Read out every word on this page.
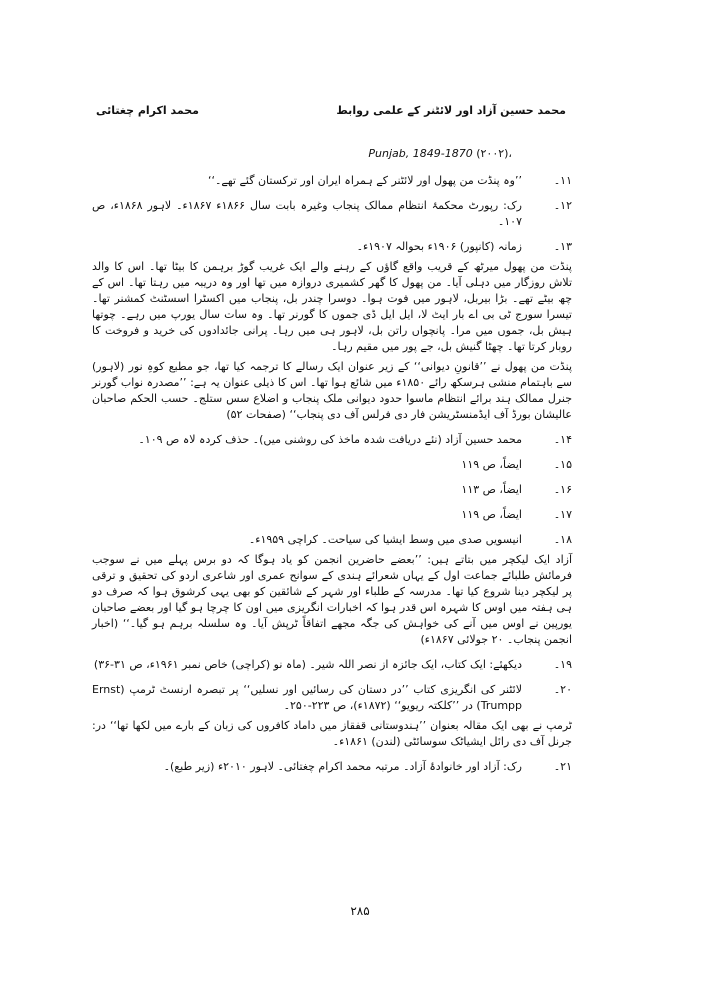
محمد اکرام چغتائی	محمد حسین آزاد اور لائٹنر کے علمی روابط
Punjab, 1849-1870 (۲۰۰۲)،
۱۱۔

’’وہ پنڈت من پھول اور لائٹنر کے ہمراہ ایران اور ترکستان گئے تھے۔‘‘

۱۲۔

رک: رپورٹ محکمۂ انتظام ممالک پنجاب وغیرہ بابت سال ۱۸۶۶ء ۱۸۶۷ء۔ لاہور ۱۸۶۸ء، ص ۱۰۷۔

۱۳۔

زمانہ (کانپور) ۱۹۰۶ء بحوالہ ۱۹۰۷ء۔

پنڈت من پھول میرٹھ کے قریب واقع گاؤں کے رہنے والے ایک غریب گوڑ برہمن کا بیٹا تھا۔ اس کا والد تلاش روزگار میں دہلی آیا۔ من پھول کا گھر کشمیری دروازہ میں تھا اور وہ دریبہ میں رہتا تھا۔ اس کے چھ بیٹے تھے۔ بڑا بیربل، لاہور میں فوت ہوا۔ دوسرا چندر بل، پنجاب میں اکسٹرا اسسٹنٹ کمشنر تھا۔ تیسرا سورج ٹی بی اے بار ایٹ لا، ایل ایل ڈی جموں کا گورنر تھا۔ وہ سات سال یورپ میں رہے۔ چوتھا ہیش بل، جموں میں مرا۔ پانچواں راتن بل، لاہور ہی میں رہا۔ پرانی جائدادوں کی خرید و فروخت کا روبار کرتا تھا۔ چھٹا گنیش بل، جے پور میں مقیم رہا۔

پنڈت من پھول نے ’’قانونِ دیوانی‘‘ کے زیر عنوان ایک رسالے کا ترجمہ کیا تھا، جو مطبع کوہِ نور (لاہور) سے باہتمام منشی ہرسکھ رائے ۱۸۵۰ء میں شائع ہوا تھا۔ اس کا ذیلی عنوان یہ ہے: ’’مصدرہ نواب گورنر جنرل ممالک ہند برائے انتظام ماسوا حدود دیوانی ملک پنجاب و اضلاع سس ستلج۔ حسب الحکم صاحبان عالیشان بورڈ آف ایڈمنسٹریشن فار دی فرلس آف دی پنجاب‘‘ (صفحات ۵۲)

۱۴۔

محمد حسین آزاد (نئے دریافت شدہ ماخذ کی روشنی میں)۔ حذف کردہ لاہ ص ۱۰۹۔

۱۵۔

ایضاً، ص ۱۱۹

۱۶۔

ایضاً، ص ۱۱۳

۱۷۔

ایضاً، ص ۱۱۹

۱۸۔

انیسویں صدی میں وسط ایشیا کی سیاحت۔ کراچی ۱۹۵۹ء۔

آزاد ایک لیکچر میں بتاتے ہیں: ’’بعضے حاضرین انجمن کو یاد ہوگا کہ دو برس پہلے میں نے سوجب فرمائش طلبائے جماعت اول کے یہاں شعرائے ہندی کے سوانح عمری اور شاعری اردو کی تحقیق و ترقی پر لیکچر دینا شروع کیا تھا۔ مدرسہ کے طلباء اور شہر کے شائقین کو بھی یہی کرشوق ہوا کہ صرف دو ہی ہفتہ میں اوس کا شہرہ اس قدر ہوا کہ اخبارات انگریزی میں اون کا چرچا ہو گیا اور بعضے صاحبان یورپین نے اوس میں آنے کی خواہش کی جگہ مجھے اتفاقاً ٹرپش آیا۔ وہ سلسلہ برہم ہو گیا۔‘‘ (اخبار انجمن پنجاب۔ ۲۰ جولائی ۱۸۶۷ء)

۱۹۔

دیکھئے: ایک کتاب، ایک جائزہ از نصر اللہ شیر۔ (ماہ نو (کراچی) خاص نمبر ۱۹۶۱ء، ص ۳۱-۳۶)

۲۰۔

لائٹنر کی انگریزی کتاب ’’در دستان کی رسائیں اور نسلیں‘‘ پر تبصرہ ارنسٹ ٹرمپ (Ernst Trumpp) در ’’کلکتہ ریویو‘‘ (۱۸۷۲ء)، ص ۲۲۳-۲۵۰۔

ٹرمپ نے بھی ایک مقالہ بعنوان ’’ہندوستانی قفقاز میں داماد کافروں کی زبان کے بارے میں لکھا تھا‘‘ در: جرنل آف دی رائل ایشیاٹک سوسائٹی (لندن) ۱۸۶۱ء۔

۲۱۔

رک: آزاد اور خانوادۂ آزاد۔ مرتبہ محمد اکرام چغتائی۔ لاہور ۲۰۱۰ء (زیر طبع)۔

۲۸۵
